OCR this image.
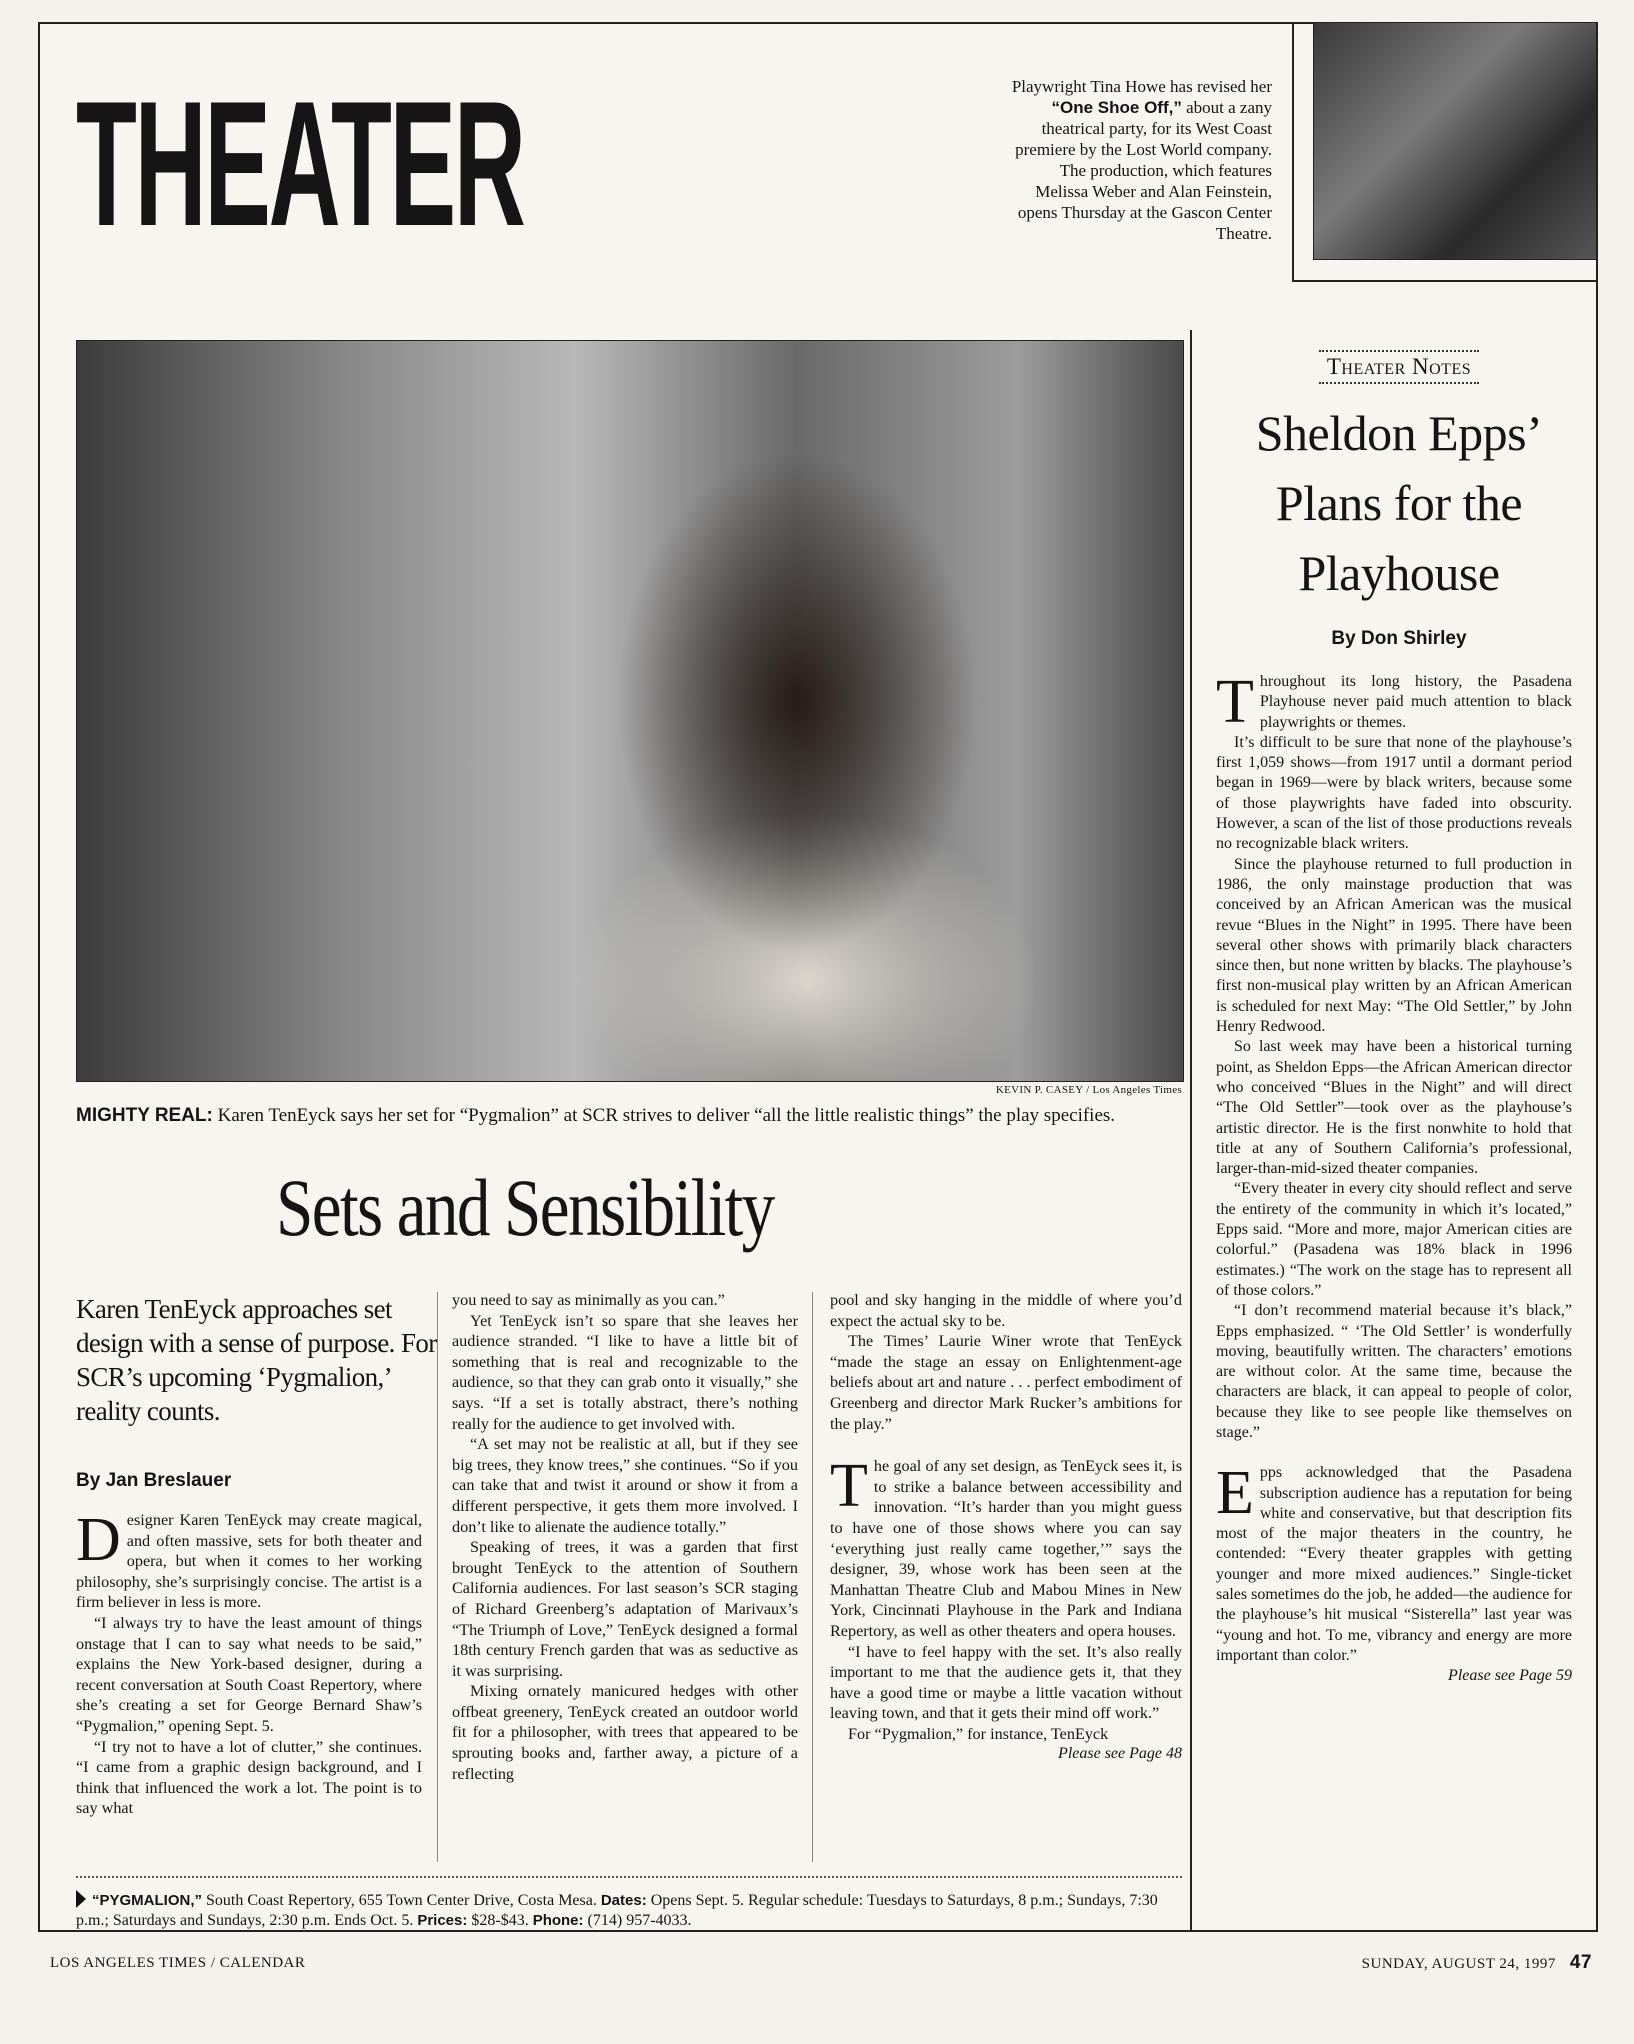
THEATER	Playwright Tina Howe has revised her “One Shoe Off,” about a zany theatrical party, for its West Coast premiere by the Lost World company. The production, which features Melissa Weber and Alan Feinstein, opens Thursday at the Gascon Center Theatre.
KEVIN P. CASEY / Los Angeles Times
MIGHTY REAL: Karen TenEyck says her set for “Pygmalion” at SCR strives to deliver “all the little realistic things” the play specifies.
Sets and Sensibility
Karen TenEyck approaches set design with a sense of purpose. For SCR’s upcoming ‘Pygmalion,’ reality counts.
By Jan Breslauer

Designer Karen TenEyck may create magical, and often massive, sets for both theater and opera, but when it comes to her working philosophy, she’s surprisingly concise. The artist is a firm believer in less is more.

“I always try to have the least amount of things onstage that I can to say what needs to be said,” explains the New York-based designer, during a recent conversation at South Coast Repertory, where she’s creating a set for George Bernard Shaw’s “Pygmalion,” opening Sept. 5.

“I try not to have a lot of clutter,” she continues. “I came from a graphic design background, and I think that influenced the work a lot. The point is to say what

you need to say as minimally as you can.”

Yet TenEyck isn’t so spare that she leaves her audience stranded. “I like to have a little bit of something that is real and recognizable to the audience, so that they can grab onto it visually,” she says. “If a set is totally abstract, there’s nothing really for the audience to get involved with.

“A set may not be realistic at all, but if they see big trees, they know trees,” she continues. “So if you can take that and twist it around or show it from a different perspective, it gets them more involved. I don’t like to alienate the audience totally.”

Speaking of trees, it was a garden that first brought TenEyck to the attention of Southern California audiences. For last season’s SCR staging of Richard Greenberg’s adaptation of Marivaux’s “The Triumph of Love,” TenEyck designed a formal 18th century French garden that was as seductive as it was surprising.

Mixing ornately manicured hedges with other offbeat greenery, TenEyck created an outdoor world fit for a philosopher, with trees that appeared to be sprouting books and, farther away, a picture of a reflecting

pool and sky hanging in the middle of where you’d expect the actual sky to be.

The Times’ Laurie Winer wrote that TenEyck “made the stage an essay on Enlightenment-age beliefs about art and nature . . . perfect embodiment of Greenberg and director Mark Rucker’s ambitions for the play.”

The goal of any set design, as TenEyck sees it, is to strike a balance between accessibility and innovation. “It’s harder than you might guess to have one of those shows where you can say ‘everything just really came together,’” says the designer, 39, whose work has been seen at the Manhattan Theatre Club and Mabou Mines in New York, Cincinnati Playhouse in the Park and Indiana Repertory, as well as other theaters and opera houses.

“I have to feel happy with the set. It’s also really important to me that the audience gets it, that they have a good time or maybe a little vacation without leaving town, and that it gets their mind off work.”

For “Pygmalion,” for instance, TenEyck

Please see Page 48
“PYGMALION,” South Coast Repertory, 655 Town Center Drive, Costa Mesa. Dates: Opens Sept. 5. Regular schedule: Tuesdays to Saturdays, 8 p.m.; Sundays, 7:30 p.m.; Saturdays and Sundays, 2:30 p.m. Ends Oct. 5. Prices: $28-$43. Phone: (714) 957-4033.
Theater Notes
Sheldon Epps’ Plans for the Playhouse
By Don Shirley

Throughout its long history, the Pasadena Playhouse never paid much attention to black playwrights or themes.

It’s difficult to be sure that none of the playhouse’s first 1,059 shows—from 1917 until a dormant period began in 1969—were by black writers, because some of those playwrights have faded into obscurity. However, a scan of the list of those productions reveals no recognizable black writers.

Since the playhouse returned to full production in 1986, the only mainstage production that was conceived by an African American was the musical revue “Blues in the Night” in 1995. There have been several other shows with primarily black characters since then, but none written by blacks. The playhouse’s first non-musical play written by an African American is scheduled for next May: “The Old Settler,” by John Henry Redwood.

So last week may have been a historical turning point, as Sheldon Epps—the African American director who conceived “Blues in the Night” and will direct “The Old Settler”—took over as the playhouse’s artistic director. He is the first nonwhite to hold that title at any of Southern California’s professional, larger-than-mid-sized theater companies.

“Every theater in every city should reflect and serve the entirety of the community in which it’s located,” Epps said. “More and more, major American cities are colorful.” (Pasadena was 18% black in 1996 estimates.) “The work on the stage has to represent all of those colors.”

“I don’t recommend material because it’s black,” Epps emphasized. “ ‘The Old Settler’ is wonderfully moving, beautifully written. The characters’ emotions are without color. At the same time, because the characters are black, it can appeal to people of color, because they like to see people like themselves on stage.”

Epps acknowledged that the Pasadena subscription audience has a reputation for being white and conservative, but that description fits most of the major theaters in the country, he contended: “Every theater grapples with getting younger and more mixed audiences.” Single-ticket sales sometimes do the job, he added—the audience for the playhouse’s hit musical “Sisterella” last year was “young and hot. To me, vibrancy and energy are more important than color.”

Please see Page 59
LOS ANGELES TIMES / CALENDAR	SUNDAY, AUGUST 24, 1997 47
